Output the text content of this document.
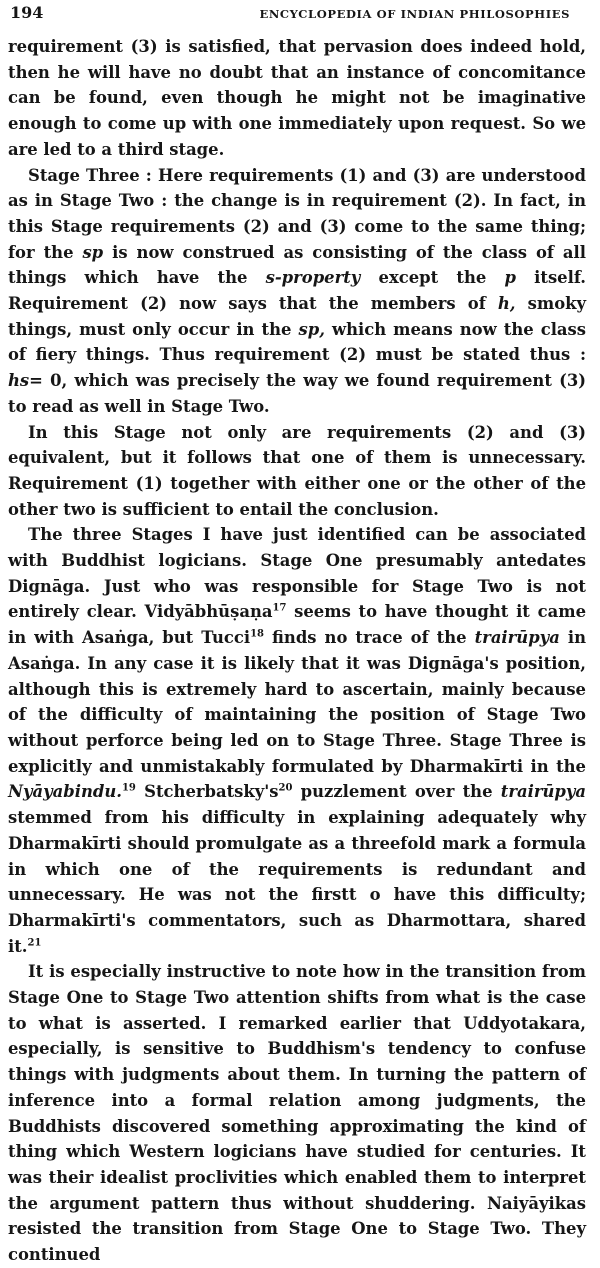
194	ENCYCLOPEDIA OF INDIAN PHILOSOPHIES

requirement (3) is satisfied, that pervasion does indeed hold, then he will have no doubt that an instance of concomitance can be found, even though he might not be imaginative enough to come up with one immediately upon request. So we are led to a third stage.

Stage Three : Here requirements (1) and (3) are understood as in Stage Two : the change is in requirement (2). In fact, in this Stage requirements (2) and (3) come to the same thing; for the sp is now construed as consisting of the class of all things which have the s-property except the p itself. Requirement (2) now says that the members of h, smoky things, must only occur in the sp, which means now the class of fiery things. Thus requirement (2) must be stated thus : hs= 0, which was precisely the way we found requirement (3) to read as well in Stage Two.

In this Stage not only are requirements (2) and (3) equivalent, but it follows that one of them is unnecessary. Requirement (1) together with either one or the other of the other two is sufficient to entail the conclusion.

The three Stages I have just identified can be associated with Buddhist logicians. Stage One presumably antedates Dignāga. Just who was responsible for Stage Two is not entirely clear. Vidyābhūṣaṇa$^{17}$ seems to have thought it came in with Asaṅga, but Tucci$^{18}$ finds no trace of the trairūpya in Asaṅga. In any case it is likely that it was Dignāga's position, although this is extremely hard to ascertain, mainly because of the difficulty of maintaining the position of Stage Two without perforce being led on to Stage Three. Stage Three is explicitly and unmistakably formulated by Dharmakīrti in the Nyāyabindu.$^{19}$ $Stcherbatsky's^{20}$ puzzlement over the trairūpya stemmed from his difficulty in explaining adequately why Dharmakīrti should promulgate as a threefold mark a formula in which one of the requirements is redundant and unnecessary. He was not the firstt o have this difficulty; Dharmakīrti's commentators, such as Dharmottara, shared it.$^{21}$

It is especially instructive to note how in the transition from Stage One to Stage Two attention shifts from what is the case to what is asserted. I remarked earlier that Uddyotakara, especially, is sensitive to Buddhism's tendency to confuse things with judgments about them. In turning the pattern of inference into a formal relation among judgments, the Buddhists discovered something approximating the kind of thing which Western logicians have studied for centuries. It was their idealist proclivities which enabled them to interpret the argument pattern thus without shuddering. Naiyāyikas resisted the transition from Stage One to Stage Two. They continued
